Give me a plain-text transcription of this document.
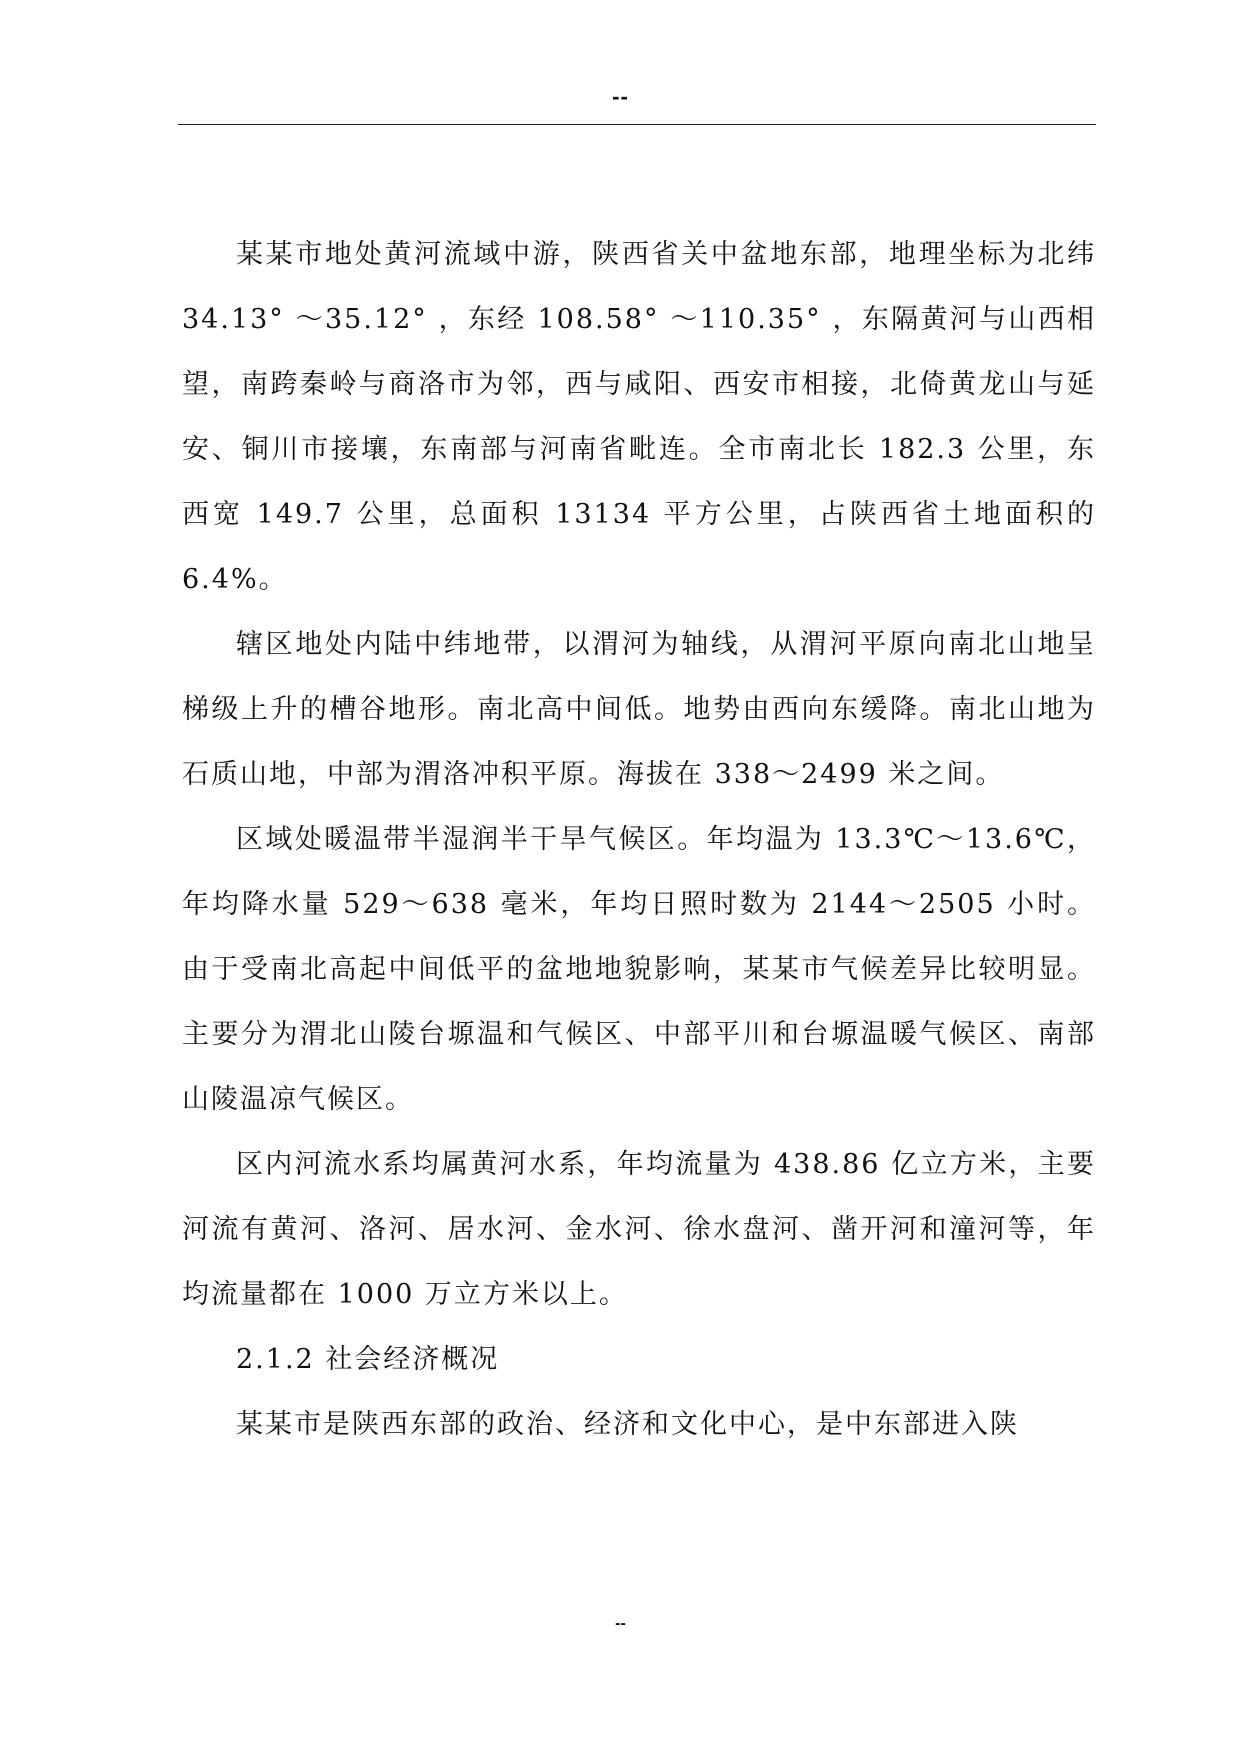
--

某某市地处黄河流域中游，陕西省关中盆地东部，地理坐标为北纬 34.13° ～35.12° ，东经 108.58° ～110.35° ，东隔黄河与山西相望，南跨秦岭与商洛市为邻，西与咸阳、西安市相接，北倚黄龙山与延安、铜川市接壤，东南部与河南省毗连。全市南北长 182.3 公里，东西宽 149.7 公里，总面积 13134 平方公里，占陕西省土地面积的 6.4%。

辖区地处内陆中纬地带，以渭河为轴线，从渭河平原向南北山地呈梯级上升的槽谷地形。南北高中间低。地势由西向东缓降。南北山地为石质山地，中部为渭洛冲积平原。海拔在 338～2499 米之间。

区域处暖温带半湿润半干旱气候区。年均温为 13.3℃～13.6℃，年均降水量 529～638 毫米，年均日照时数为 2144～2505 小时。由于受南北高起中间低平的盆地地貌影响，某某市气候差异比较明显。主要分为渭北山陵台塬温和气候区、中部平川和台塬温暖气候区、南部山陵温凉气候区。

区内河流水系均属黄河水系，年均流量为 438.86 亿立方米，主要河流有黄河、洛河、居水河、金水河、徐水盘河、凿开河和潼河等，年均流量都在 1000 万立方米以上。

2.1.2 社会经济概况

某某市是陕西东部的政治、经济和文化中心，是中东部进入陕

--
